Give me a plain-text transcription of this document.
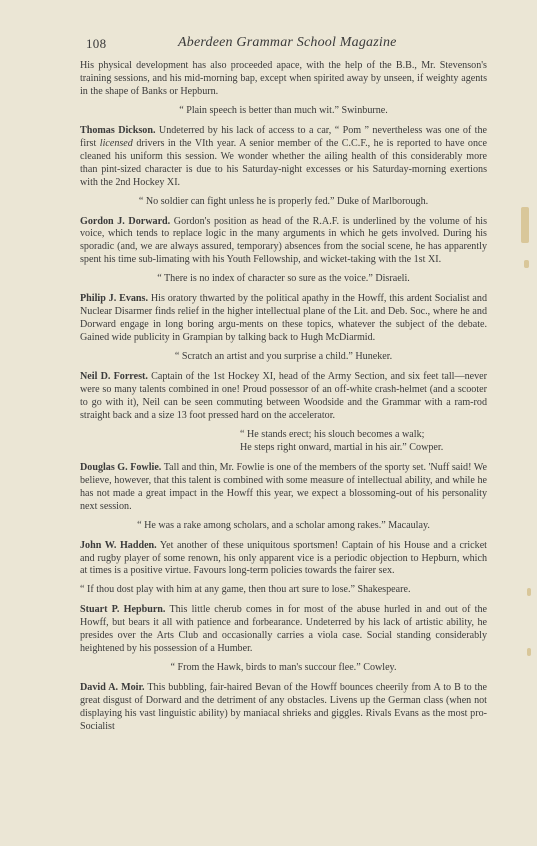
108	Aberdeen Grammar School Magazine

His physical development has also proceeded apace, with the help of the B.B., Mr. Stevenson's training sessions, and his mid-morning bap, except when spirited away by unseen, if weighty agents in the shape of Banks or Hepburn.

“ Plain speech is better than much wit.” Swinburne.

Thomas Dickson. Undeterred by his lack of access to a car, “ Pom ” nevertheless was one of the first licensed drivers in the VIth year. A senior member of the C.C.F., he is reported to have once cleaned his uniform this session. We wonder whether the ailing health of this considerably more than pint-sized character is due to his Saturday-night excesses or his Saturday-morning exertions with the 2nd Hockey XI.

“ No soldier can fight unless he is properly fed.” Duke of Marlborough.

Gordon J. Dorward. Gordon's position as head of the R.A.F. is underlined by the volume of his voice, which tends to replace logic in the many arguments in which he gets involved. During his sporadic (and, we are always assured, temporary) absences from the social scene, he has apparently spent his time sub-limating with his Youth Fellowship, and wicket-taking with the 1st XI.

“ There is no index of character so sure as the voice.” Disraeli.

Philip J. Evans. His oratory thwarted by the political apathy in the Howff, this ardent Socialist and Nuclear Disarmer finds relief in the higher intellectual plane of the Lit. and Deb. Soc., where he and Dorward engage in long boring argu-ments on these topics, whatever the subject of the debate. Gained wide publicity in Grampian by talking back to Hugh McDiarmid.

“ Scratch an artist and you surprise a child.” Huneker.

Neil D. Forrest. Captain of the 1st Hockey XI, head of the Army Section, and six feet tall—never were so many talents combined in one! Proud possessor of an off-white crash-helmet (and a scooter to go with it), Neil can be seen commuting between Woodside and the Grammar with a ram-rod straight back and a size 13 foot pressed hard on the accelerator.

“ He stands erect; his slouch becomes a walk;
He steps right onward, martial in his air.” Cowper.

Douglas G. Fowlie. Tall and thin, Mr. Fowlie is one of the members of the sporty set. 'Nuff said! We believe, however, that this talent is combined with some measure of intellectual ability, and while he has not made a great impact in the Howff this year, we expect a blossoming-out of his personality next session.

“ He was a rake among scholars, and a scholar among rakes.” Macaulay.

John W. Hadden. Yet another of these uniquitous sportsmen! Captain of his House and a cricket and rugby player of some renown, his only apparent vice is a periodic objection to Hepburn, which at times is a positive virtue. Favours long-term policies towards the fairer sex.

“ If thou dost play with him at any game, then thou art sure to lose.” Shakespeare.

Stuart P. Hepburn. This little cherub comes in for most of the abuse hurled in and out of the Howff, but bears it all with patience and forbearance. Undeterred by his lack of artistic ability, he presides over the Arts Club and occasionally carries a viola case. Social standing considerably heightened by his possession of a Humber.

“ From the Hawk, birds to man's succour flee.” Cowley.

David A. Moir. This bubbling, fair-haired Bevan of the Howff bounces cheerily from A to B to the great disgust of Dorward and the detriment of any obstacles. Livens up the German class (when not displaying his vast linguistic ability) by maniacal shrieks and giggles. Rivals Evans as the most pro-Socialist
